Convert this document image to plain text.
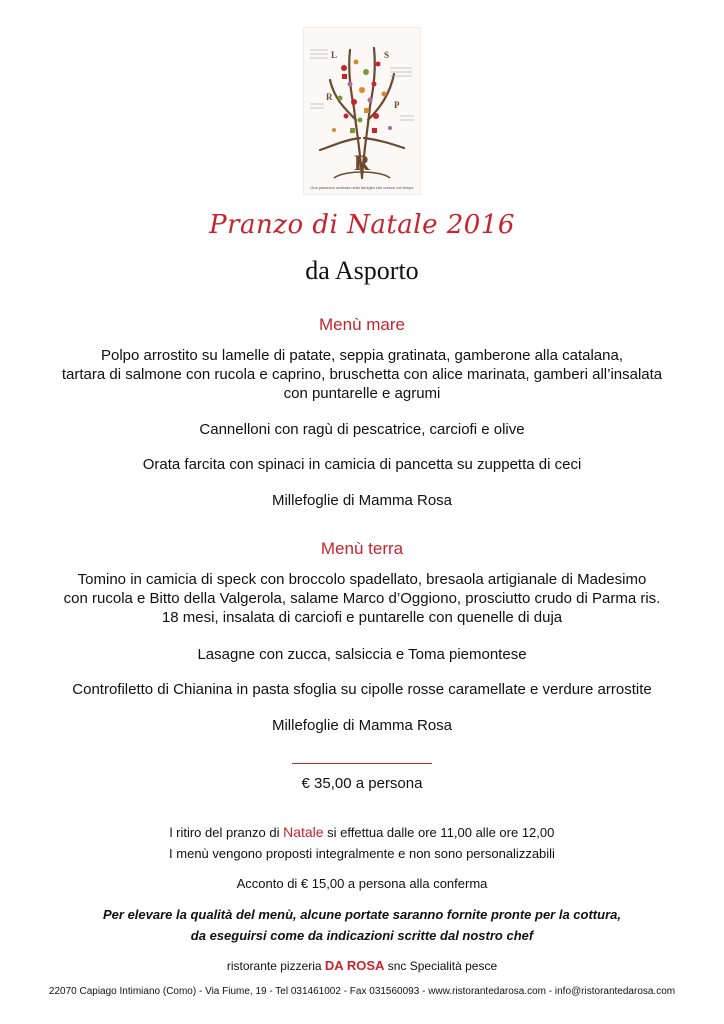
L	S
R
P
R
Una passione radicata nella famiglia che cresce col tempo
Pranzo di Natale 2016
da Asporto
Menù mare
Polpo arrostito su lamelle di patate, seppia gratinata, gamberone alla catalana,
tartara di salmone con rucola e caprino, bruschetta con alice marinata, gamberi all’insalata
con puntarelle e agrumi
Cannelloni con ragù di pescatrice, carciofi e olive
Orata farcita con spinaci in camicia di pancetta su zuppetta di ceci
Millefoglie di Mamma Rosa
Menù terra
Tomino in camicia di speck con broccolo spadellato, bresaola artigianale di Madesimo
con rucola e Bitto della Valgerola, salame Marco d’Oggiono, prosciutto crudo di Parma ris.
18 mesi, insalata di carciofi e puntarelle con quenelle di duja
Lasagne con zucca, salsiccia e Toma piemontese
Controfiletto di Chianina in pasta sfoglia su cipolle rosse caramellate e verdure arrostite
Millefoglie di Mamma Rosa
€ 35,00 a persona
l ritiro del pranzo di Natale si effettua dalle ore 11,00 alle ore 12,00
I menù vengono proposti integralmente e non sono personalizzabili
Acconto di € 15,00 a persona alla conferma
Per elevare la qualità del menù, alcune portate saranno fornite pronte per la cottura,
da eseguirsi come da indicazioni scritte dal nostro chef
ristorante pizzeria DA ROSA snc Specialità pesce
22070 Capiago Intimiano (Como) - Via Fiume, 19 - Tel 031461002 - Fax 031560093 - www.ristorantedarosa.com - info@ristorantedarosa.com
